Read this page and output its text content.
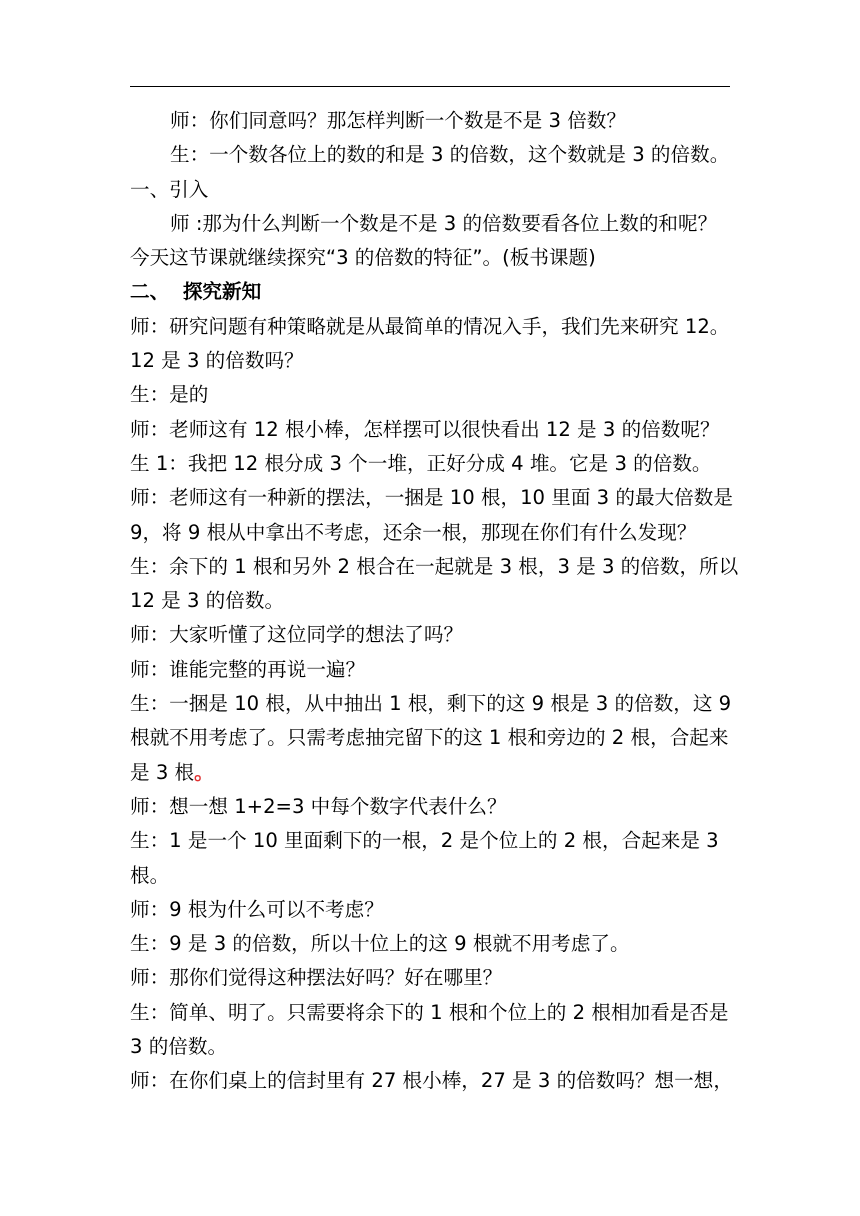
师：你们同意吗？那怎样判断一个数是不是 3 倍数？
生：一个数各位上的数的和是 3 的倍数，这个数就是 3 的倍数。
一、引入
师 :那为什么判断一个数是不是 3 的倍数要看各位上数的和呢？
今天这节课就继续探究“3 的倍数的特征”。(板书课题)
二、  探究新知
师：研究问题有种策略就是从最简单的情况入手，我们先来研究 12。
12 是 3 的倍数吗？
生：是的
师：老师这有 12 根小棒，怎样摆可以很快看出 12 是 3 的倍数呢？
生 1：我把 12 根分成 3 个一堆，正好分成 4 堆。它是 3 的倍数。
师：老师这有一种新的摆法，一捆是 10 根，10 里面 3 的最大倍数是
9，将 9 根从中拿出不考虑，还余一根，那现在你们有什么发现？
生：余下的 1 根和另外 2 根合在一起就是 3 根，3 是 3 的倍数，所以
12 是 3 的倍数。
师：大家听懂了这位同学的想法了吗？
师：谁能完整的再说一遍？
生：一捆是 10 根，从中抽出 1 根，剩下的这 9 根是 3 的倍数，这 9
根就不用考虑了。只需考虑抽完留下的这 1 根和旁边的 2 根，合起来
是 3 根。
师：想一想 1+2=3 中每个数字代表什么？
生：1 是一个 10 里面剩下的一根，2 是个位上的 2 根，合起来是 3
根。
师：9 根为什么可以不考虑？
生：9 是 3 的倍数，所以十位上的这 9 根就不用考虑了。
师：那你们觉得这种摆法好吗？好在哪里？
生：简单、明了。只需要将余下的 1 根和个位上的 2 根相加看是否是
3 的倍数。
师：在你们桌上的信封里有 27 根小棒，27 是 3 的倍数吗？想一想，
